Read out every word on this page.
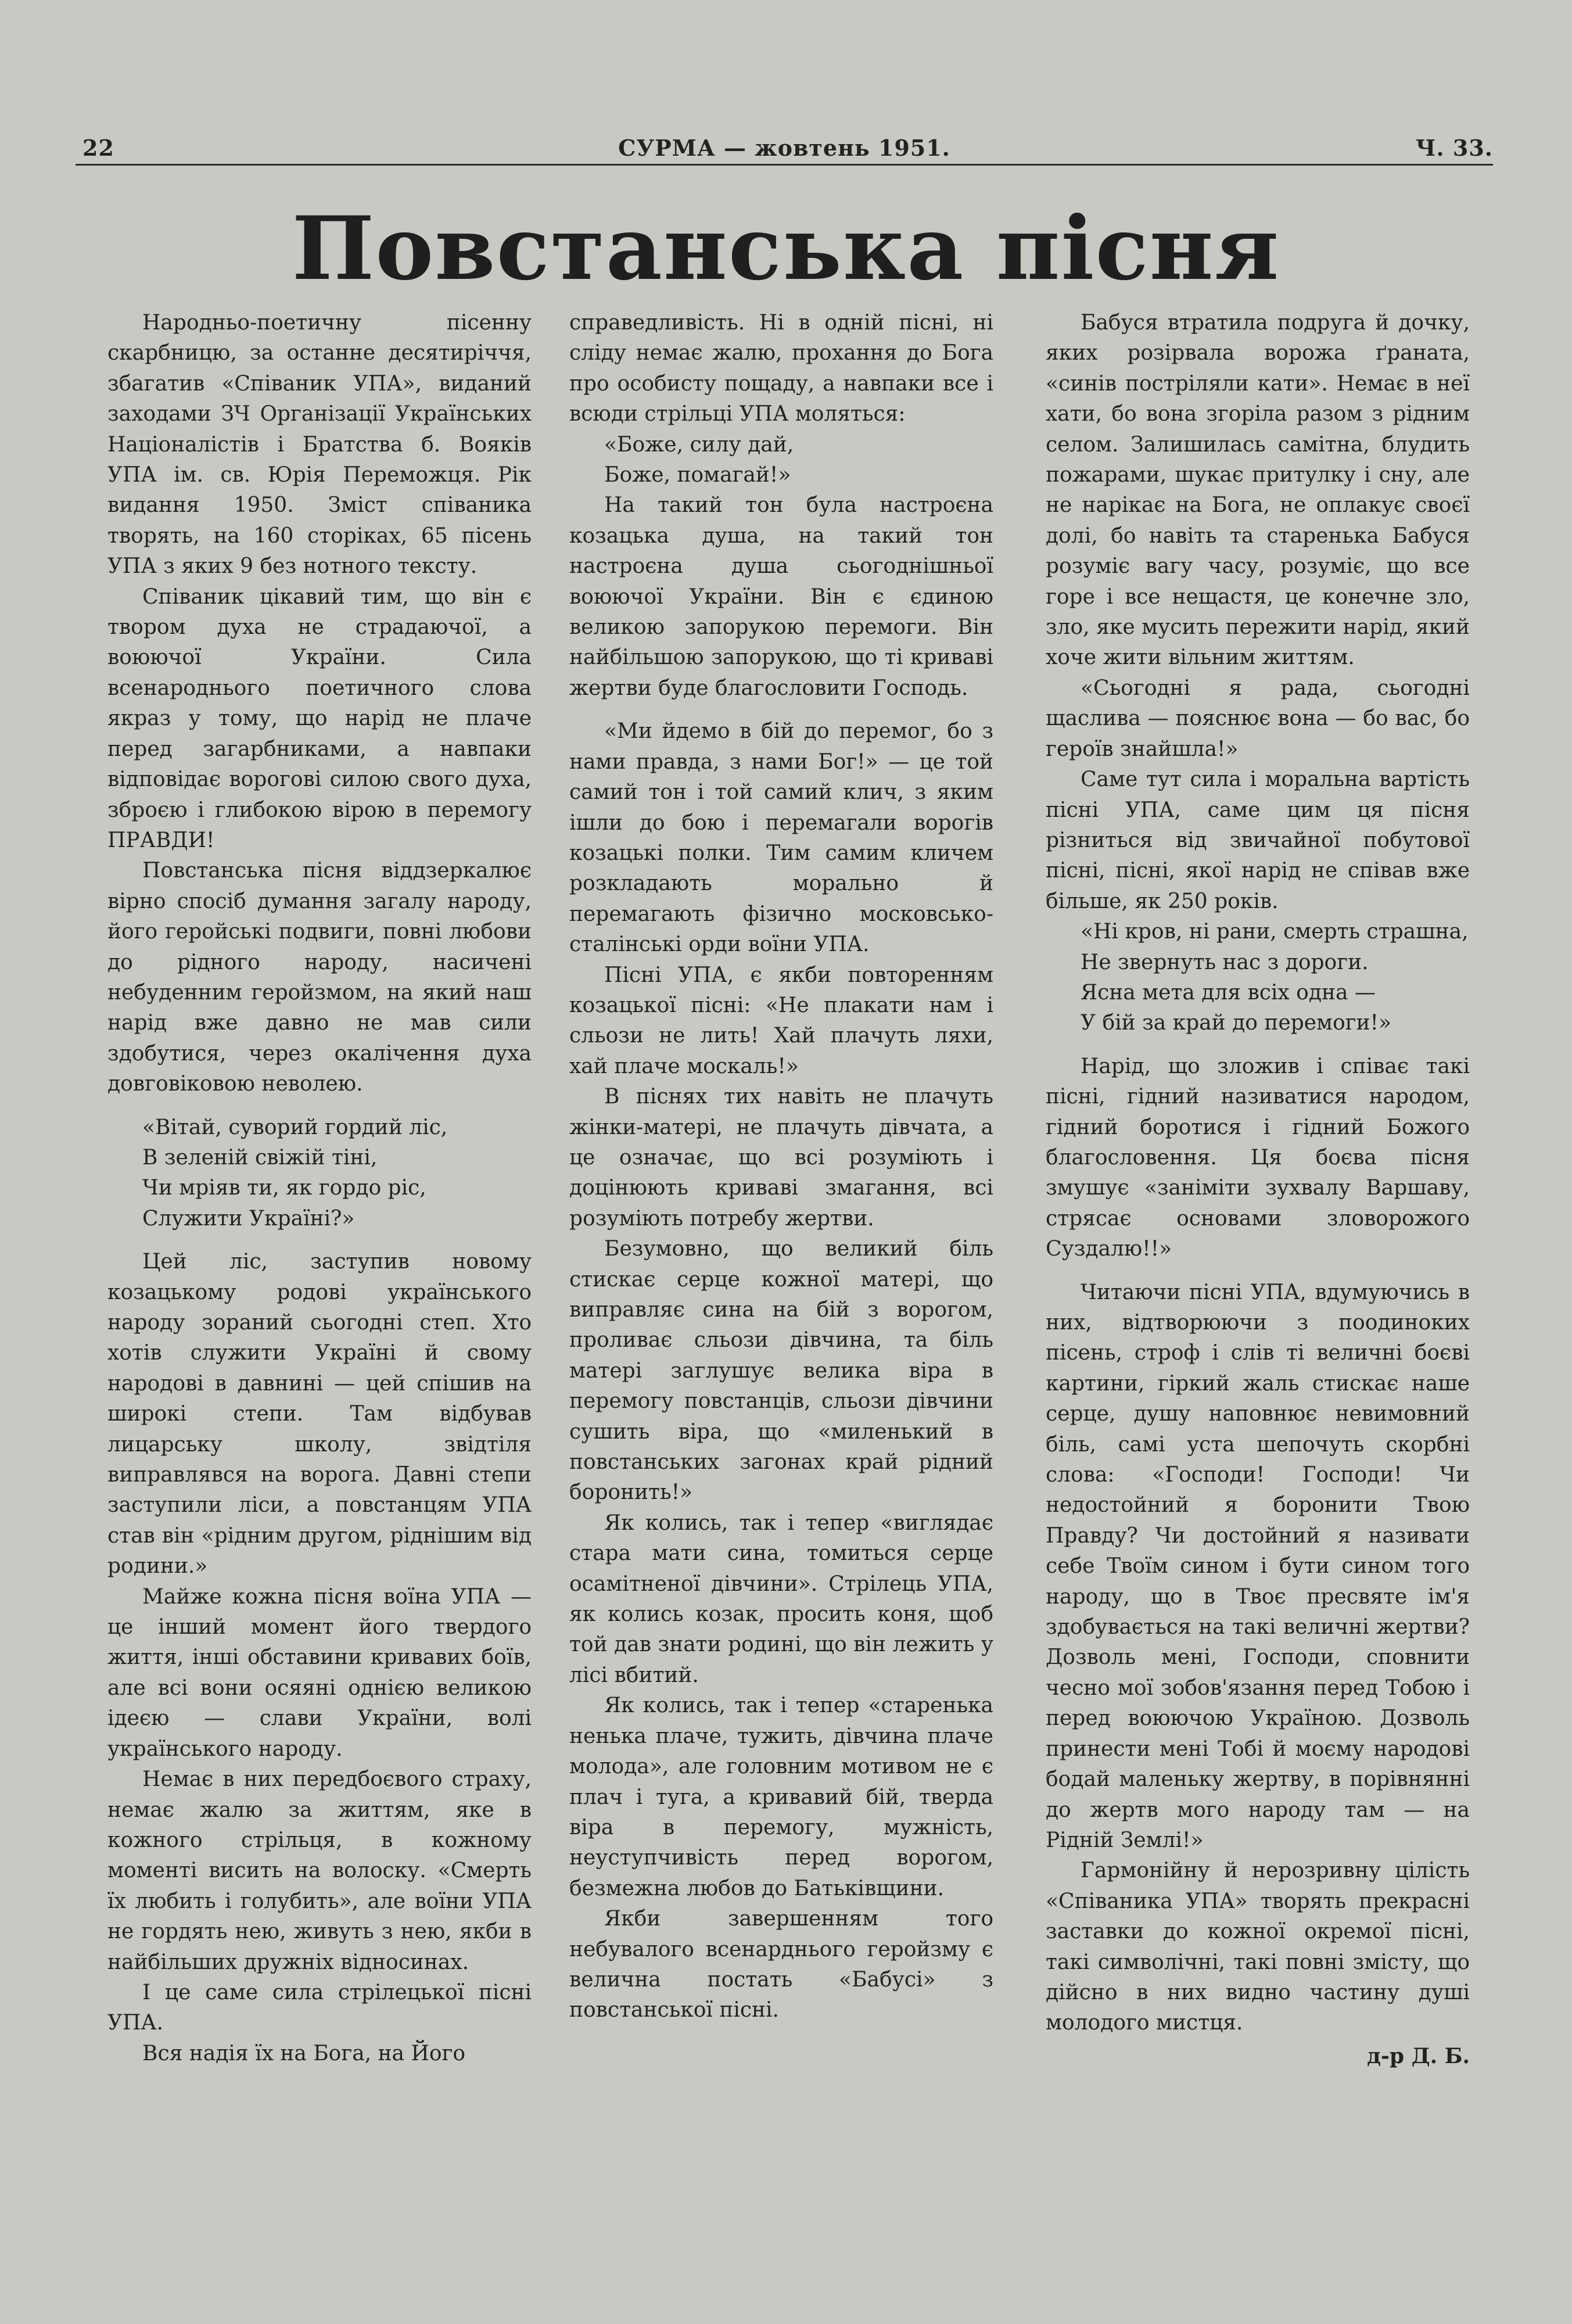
22	СУРМА — жовтень 1951.	Ч. 33.
Повстанська пісня

Народньо-поетичну пісенну скарбницю, за останне десятиріччя, збагатив «Співаник УПА», виданий заходами ЗЧ Організації Українських Націоналістів і Братства б. Вояків УПА ім. св. Юрія Переможця. Рік видання 1950. Зміст співаника творять, на 160 сторіках, 65 пісень УПА з яких 9 без нотного тексту.

Співаник цікавий тим, що він є твором духа не страдаючої, а воюючої України. Сила всенароднього поетичного слова якраз у тому, що нарід не плаче перед загарбниками, а навпаки відповідає ворогові силою свого духа, зброєю і глибокою вірою в перемогу ПРАВДИ!

Повстанська пісня віддзеркалює вірно спосіб думання загалу народу, його геройські подвиги, повні любови до рідного народу, насичені небуденним геройзмом, на який наш нарід вже давно не мав сили здобутися, через окалічення духа довговіковою неволею.

«Вітай, суворий гордий ліс,

В зеленій свіжій тіні,

Чи мріяв ти, як гордо ріс,

Служити Україні?»

Цей ліс, заступив новому козацькому родові українського народу зораний сьогодні степ. Хто хотів служити Україні й свому народові в давнині — цей спішив на широкі степи. Там відбував лицарську школу, звідтіля виправлявся на ворога. Давні степи заступили ліси, а повстанцям УПА став він «рідним другом, ріднішим від родини.»

Майже кожна пісня воїна УПА — це інший момент його твердого життя, інші обставини кривавих боїв, але всі вони осяяні однією великою ідеєю — слави України, волі українського народу.

Немає в них передбоєвого страху, немає жалю за життям, яке в кожного стрільця, в кожному моменті висить на волоску. «Смерть їх любить і голубить», але воїни УПА не гордять нею, живуть з нею, якби в найбільших дружніх відносинах.

І це саме сила стрілецької пісні УПА.

Вся надія їх на Бога, на Його

справедливість. Ні в одній пісні, ні сліду немає жалю, прохання до Бога про особисту пощаду, а навпаки все і всюди стрільці УПА моляться:

«Боже, силу дай,

Боже, помагай!»

На такий тон була настроєна козацька душа, на такий тон настроєна душа сьогоднішньої воюючої України. Він є єдиною великою запорукою перемоги. Він найбільшою запорукою, що ті криваві жертви буде благословити Господь.

«Ми йдемо в бій до перемог, бо з нами правда, з нами Бог!» — це той самий тон і той самий клич, з яким ішли до бою і перемагали ворогів козацькі полки. Тим самим кличем розкладають морально й перемагають фізично московсько-сталінські орди воїни УПА.

Пісні УПА, є якби повторенням козацької пісні: «Не плакати нам і сльози не лить! Хай плачуть ляхи, хай плаче москаль!»

В піснях тих навіть не плачуть жінки-матері, не плачуть дівчата, а це означає, що всі розуміють і доцінюють криваві змагання, всі розуміють потребу жертви.

Безумовно, що великий біль стискає серце кожної матері, що виправляє сина на бій з ворогом, проливає сльози дівчина, та біль матері заглушує велика віра в перемогу повстанців, сльози дівчини сушить віра, що «миленький в повстанських загонах край рідний боронить!»

Як колись, так і тепер «виглядає стара мати сина, томиться серце осамітненої дівчини». Стрілець УПА, як колись козак, просить коня, щоб той дав знати родині, що він лежить у лісі вбитий.

Як колись, так і тепер «старенька ненька плаче, тужить, дівчина плаче молода», але головним мотивом не є плач і туга, а кривавий бій, тверда віра в перемогу, мужність, неуступчивість перед ворогом, безмежна любов до Батьківщини.

Якби завершенням того небувалого всенарднього геройзму є велична постать «Бабусі» з повстанської пісні.

Бабуся втратила подруга й дочку, яких розірвала ворожа ґраната, «синів постріляли кати». Немає в неї хати, бо вона згоріла разом з рідним селом. Залишилась самітна, блудить пожарами, шукає притулку і сну, але не нарікає на Бога, не оплакує своєї долі, бо навіть та старенька Бабуся розуміє вагу часу, розуміє, що все горе і все нещастя, це конечне зло, зло, яке мусить пережити нарід, який хоче жити вільним життям.

«Сьогодні я рада, сьогодні щаслива — пояснює вона — бо вас, бо героїв знайшла!»

Саме тут сила і моральна вартість пісні УПА, саме цим ця пісня різниться від звичайної побутової пісні, пісні, якої нарід не співав вже більше, як 250 років.

«Ні кров, ні рани, смерть страшна,

Не звернуть нас з дороги.

Ясна мета для всіх одна —

У бій за край до перемоги!»

Нарід, що зложив і співає такі пісні, гідний називатися народом, гідний боротися і гідний Божого благословення. Ця боєва пісня змушує «заніміти зухвалу Варшаву, стрясає основами зловорожого Суздалю!!»

Читаючи пісні УПА, вдумуючись в них, відтворюючи з поодиноких пісень, строф і слів ті величні боєві картини, гіркий жаль стискає наше серце, душу наповнює невимовний біль, самі уста шепочуть скорбні слова: «Господи! Господи! Чи недостойний я боронити Твою Правду? Чи достойний я називати себе Твоїм сином і бути сином того народу, що в Твоє пресвяте ім'я здобувається на такі величні жертви? Дозволь мені, Господи, сповнити чесно мої зобов'язання перед Тобою і перед воюючою Україною. Дозволь принести мені Тобі й моєму народові бодай маленьку жертву, в порівнянні до жертв мого народу там — на Рідній Землі!»

Гармонійну й нерозривну цілість «Співаника УПА» творять прекрасні заставки до кожної окремої пісні, такі символічні, такі повні змісту, що дійсно в них видно частину душі молодого мистця.

д-р Д. Б.
